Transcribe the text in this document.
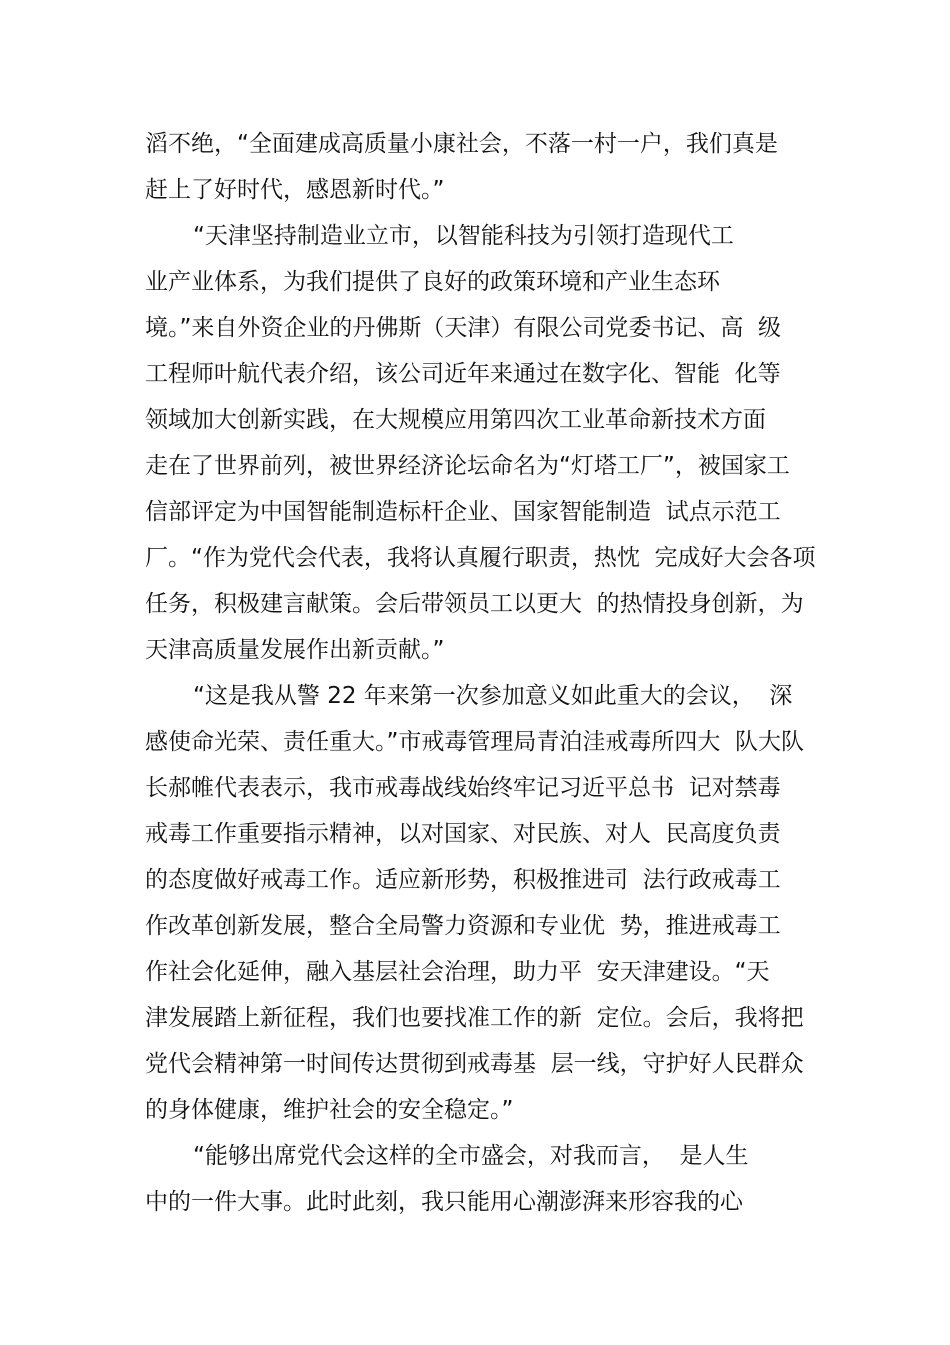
滔不绝，“全面建成高质量小康社会，不落一村一户，我们真是
赶上了好时代，感恩新时代。”
“天津坚持制造业立市，以智能科技为引领打造现代工
业产业体系，为我们提供了良好的政策环境和产业生态环
境。”来自外资企业的丹佛斯（天津）有限公司党委书记、高  级
工程师叶航代表介绍，该公司近年来通过在数字化、智能  化等
领域加大创新实践，在大规模应用第四次工业革命新技术方面
走在了世界前列，被世界经济论坛命名为“灯塔工厂”，被国家工
信部评定为中国智能制造标杆企业、国家智能制造  试点示范工
厂。“作为党代会代表，我将认真履行职责，热忱  完成好大会各项
任务，积极建言献策。会后带领员工以更大  的热情投身创新，为
天津高质量发展作出新贡献。”
“这是我从警 22 年来第一次参加意义如此重大的会议，  深
感使命光荣、责任重大。”市戒毒管理局青泊洼戒毒所四大  队大队
长郝帷代表表示，我市戒毒战线始终牢记习近平总书  记对禁毒
戒毒工作重要指示精神，以对国家、对民族、对人  民高度负责
的态度做好戒毒工作。适应新形势，积极推进司  法行政戒毒工
作改革创新发展，整合全局警力资源和专业优  势，推进戒毒工
作社会化延伸，融入基层社会治理，助力平  安天津建设。“天
津发展踏上新征程，我们也要找准工作的新  定位。会后，我将把
党代会精神第一时间传达贯彻到戒毒基  层一线，守护好人民群众
的身体健康，维护社会的安全稳定。”
“能够出席党代会这样的全市盛会，对我而言，  是人生
中的一件大事。此时此刻，我只能用心潮澎湃来形容我的心
